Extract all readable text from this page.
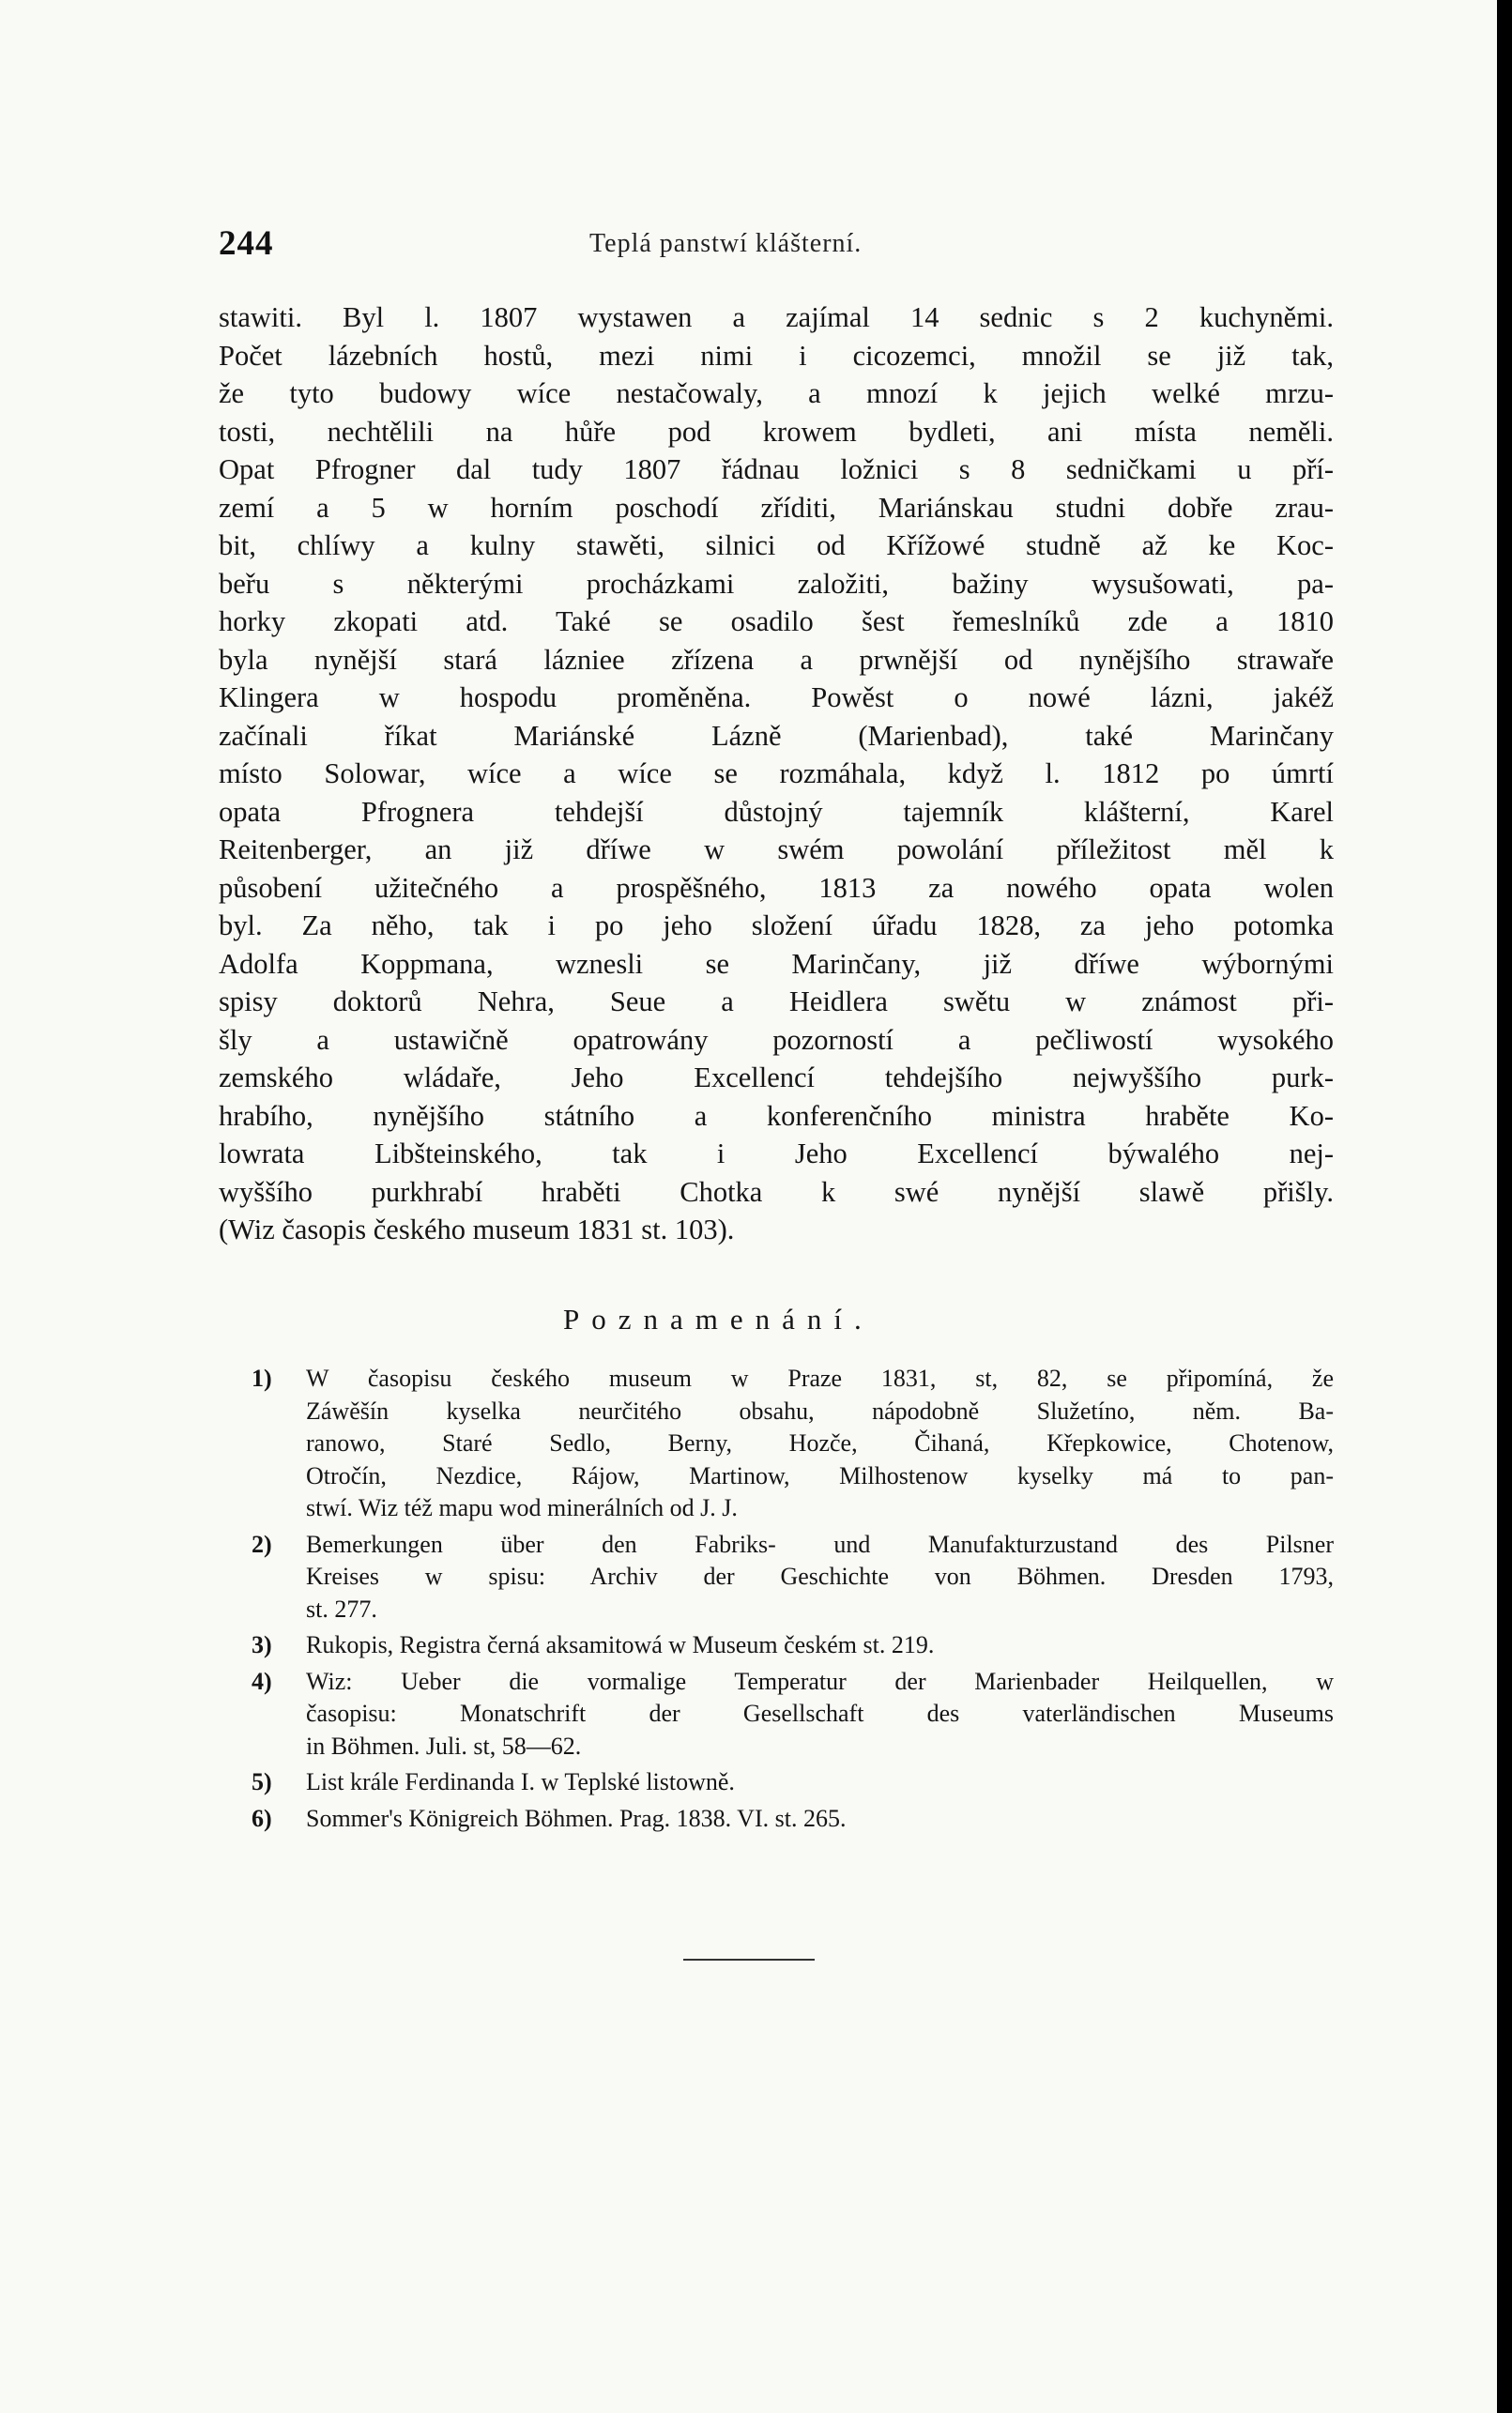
244	Teplá panstwí klášterní.
stawiti. Byl l. 1807 wystawen a zajímal 14 sednic s 2 kuchyněmi.
Počet lázebních hostů, mezi nimi i cicozemci, množil se již tak,
že tyto budowy wíce nestačowaly, a mnozí k jejich welké mrzu-
tosti, nechtělili na hůře pod krowem bydleti, ani místa neměli.
Opat Pfrogner dal tudy 1807 řádnau ložnici s 8 sedničkami u pří-
zemí a 5 w horním poschodí zříditi, Mariánskau studni dobře zrau-
bit, chlíwy a kulny stawěti, silnici od Křížowé studně až ke Koc-
beřu s některými procházkami založiti, bažiny wysušowati, pa-
horky zkopati atd. Také se osadilo šest řemeslníků zde a 1810
byla nynější stará lázniee zřízena a prwnější od nynějšího strawaře
Klingera w hospodu proměněna. Powěst o nowé lázni, jakéž
začínali říkat Mariánské Lázně (Marienbad), také Marinčany
místo Solowar, wíce a wíce se rozmáhala, když l. 1812 po úmrtí
opata Pfrognera tehdejší důstojný tajemník klášterní, Karel
Reitenberger, an již dříwe w swém powolání příležitost měl k
působení užitečného a prospěšného, 1813 za nowého opata wolen
byl. Za něho, tak i po jeho složení úřadu 1828, za jeho potomka
Adolfa Koppmana, wznesli se Marinčany, již dříwe wýbornými
spisy doktorů Nehra, Seue a Heidlera swětu w známost při-
šly a ustawičně opatrowány pozorností a pečliwostí wysokého
zemského wládaře, Jeho Excellencí tehdejšího nejwyššího purk-
hrabího, nynějšího státního a konferenčního ministra hraběte Ko-
lowrata Libšteinského, tak i Jeho Excellencí býwalého nej-
wyššího purkhrabí hraběti Chotka k swé nynější slawě přišly.
(Wiz časopis českého museum 1831 st. 103).
Poznamenání.
1) W časopisu českého museum w Praze 1831, st, 82, se připomíná, že
Záwěšín kyselka neurčitého obsahu, nápodobně Služetíno, něm. Ba-
ranowo, Staré Sedlo, Berny, Hozče, Čihaná, Křepkowice, Chotenow,
Otročín, Nezdice, Rájow, Martinow, Milhostenow kyselky má to pan-
stwí. Wiz též mapu wod minerálních od J. J.
2) Bemerkungen über den Fabriks- und Manufakturzustand des Pilsner
Kreises w spisu: Archiv der Geschichte von Böhmen. Dresden 1793,
st. 277.
3) Rukopis, Registra černá aksamitowá w Museum českém st. 219.
4) Wiz: Ueber die vormalige Temperatur der Marienbader Heilquellen, w
časopisu: Monatschrift der Gesellschaft des vaterländischen Museums
in Böhmen. Juli. st, 58—62.
5) List krále Ferdinanda I. w Teplské listowně.
6) Sommer's Königreich Böhmen. Prag. 1838. VI. st. 265.
